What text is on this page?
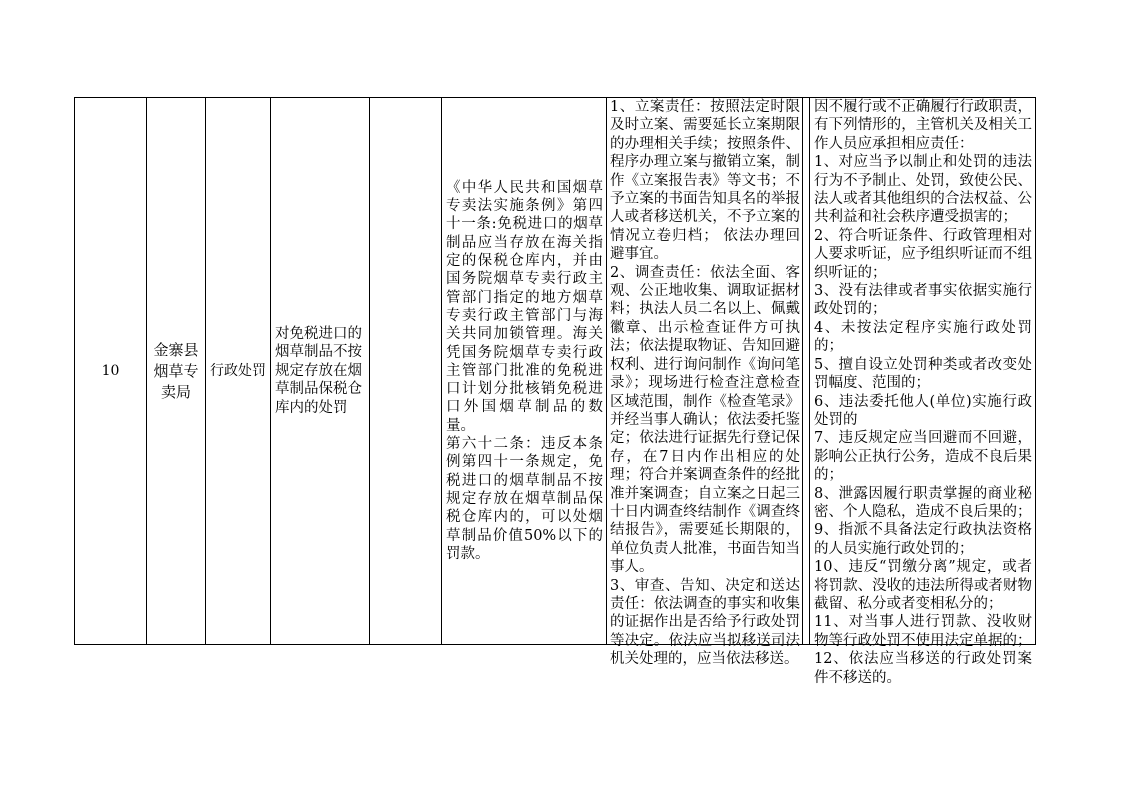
10

金寨县烟草专卖局

行政处罚

对免税进口的烟草制品不按规定存放在烟草制品保税仓库内的处罚

《中华人民共和国烟草专卖法实施条例》第四十一条:免税进口的烟草制品应当存放在海关指定的保税仓库内，并由国务院烟草专卖行政主管部门指定的地方烟草专卖行政主管部门与海关共同加锁管理。海关凭国务院烟草专卖行政主管部门批准的免税进口计划分批核销免税进口外国烟草制品的数量。
第六十二条：违反本条例第四十一条规定，免税进口的烟草制品不按规定存放在烟草制品保税仓库内的，可以处烟草制品价值50%以下的罚款。

1、立案责任：按照法定时限及时立案、需要延长立案期限的办理相关手续；按照条件、程序办理立案与撤销立案，制作《立案报告表》等文书；不予立案的书面告知具名的举报人或者移送机关，不予立案的情况立卷归档； 依法办理回避事宜。
2、调查责任：依法全面、客观、公正地收集、调取证据材料；执法人员二名以上、佩戴徽章、出示检查证件方可执法；依法提取物证、告知回避权利、进行询问制作《询问笔录》；现场进行检查注意检查区域范围，制作《检查笔录》并经当事人确认；依法委托鉴定；依法进行证据先行登记保存，在7日内作出相应的处理；符合并案调查条件的经批准并案调查；自立案之日起三十日内调查终结制作《调查终结报告》，需要延长期限的，单位负责人批准，书面告知当事人。
3、审查、告知、决定和送达责任：依法调查的事实和收集的证据作出是否给予行政处罚等决定。依法应当拟移送司法机关处理的，应当依法移送。

因不履行或不正确履行行政职责，有下列情形的，主管机关及相关工作人员应承担相应责任：
1、对应当予以制止和处罚的违法行为不予制止、处罚，致使公民、法人或者其他组织的合法权益、公共利益和社会秩序遭受损害的；
2、符合听证条件、行政管理相对人要求听证，应予组织听证而不组织听证的；
3、没有法律或者事实依据实施行政处罚的；
4、未按法定程序实施行政处罚的；
5、擅自设立处罚种类或者改变处罚幅度、范围的；
6、违法委托他人(单位)实施行政处罚的
7、违反规定应当回避而不回避，影响公正执行公务，造成不良后果的；
8、泄露因履行职责掌握的商业秘密、个人隐私，造成不良后果的；
9、指派不具备法定行政执法资格的人员实施行政处罚的；
10、违反“罚缴分离”规定，或者将罚款、没收的违法所得或者财物截留、私分或者变相私分的；
11、对当事人进行罚款、没收财物等行政处罚不使用法定单据的；
12、依法应当移送的行政处罚案件不移送的。
